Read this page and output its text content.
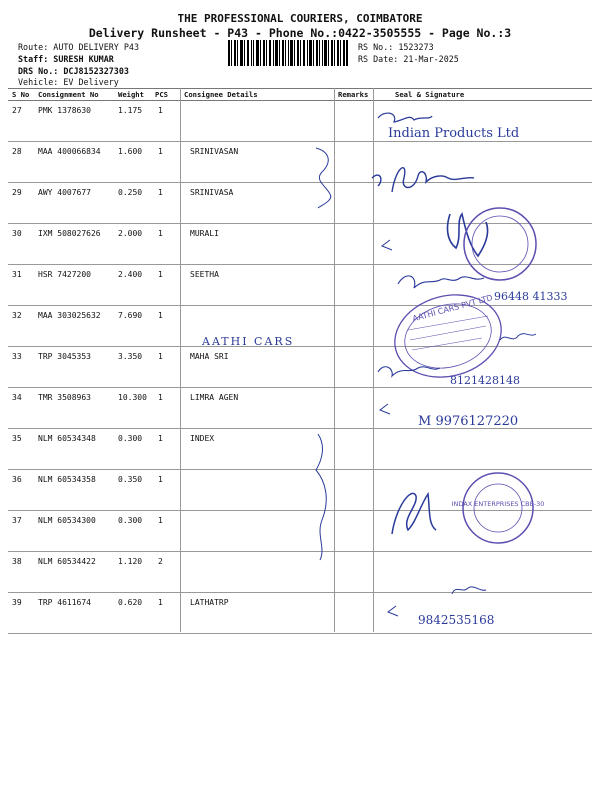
THE PROFESSIONAL COURIERS, COIMBATORE
Delivery Runsheet - P43 - Phone No.:0422-3505555 - Page No.:3
Route: AUTO DELIVERY P43
Staff: SURESH KUMAR
DRS No.: DCJ8152327303
Vehicle: EV Delivery
RS No.: 1523273
RS Date: 21-Mar-2025
S No Consignment No	Weight PCS Consignee Details	Remarks	Seal & Signature
27 PMK 1378630	1.175 1
28 MAA 400066834 1.600 1	SRINIVASAN
29 AWY 4007677	0.250 1	SRINIVASA
30 IXM 508027626 2.000 1	MURALI
31 HSR 7427200	2.400 1	SEETHA
32 MAA 303025632 7.690 1
33 TRP 3045353	3.350 1	MAHA SRI
34 TMR 3508963	10.300 1	LIMRA AGEN
35 NLM 60534348	0.300 1	INDEX
36 NLM 60534358	0.350 1
37 NLM 60534300	0.300 1
38 NLM 60534422	1.120 2
39 TRP 4611674	0.620 1	LATHATRP
Indian Products Ltd
96448 41333
AATHI CARS PVT LTD
AATHI CARS
8121428148
M 9976127220
INDAX ENTERPRISES CBE-30
9842535168
